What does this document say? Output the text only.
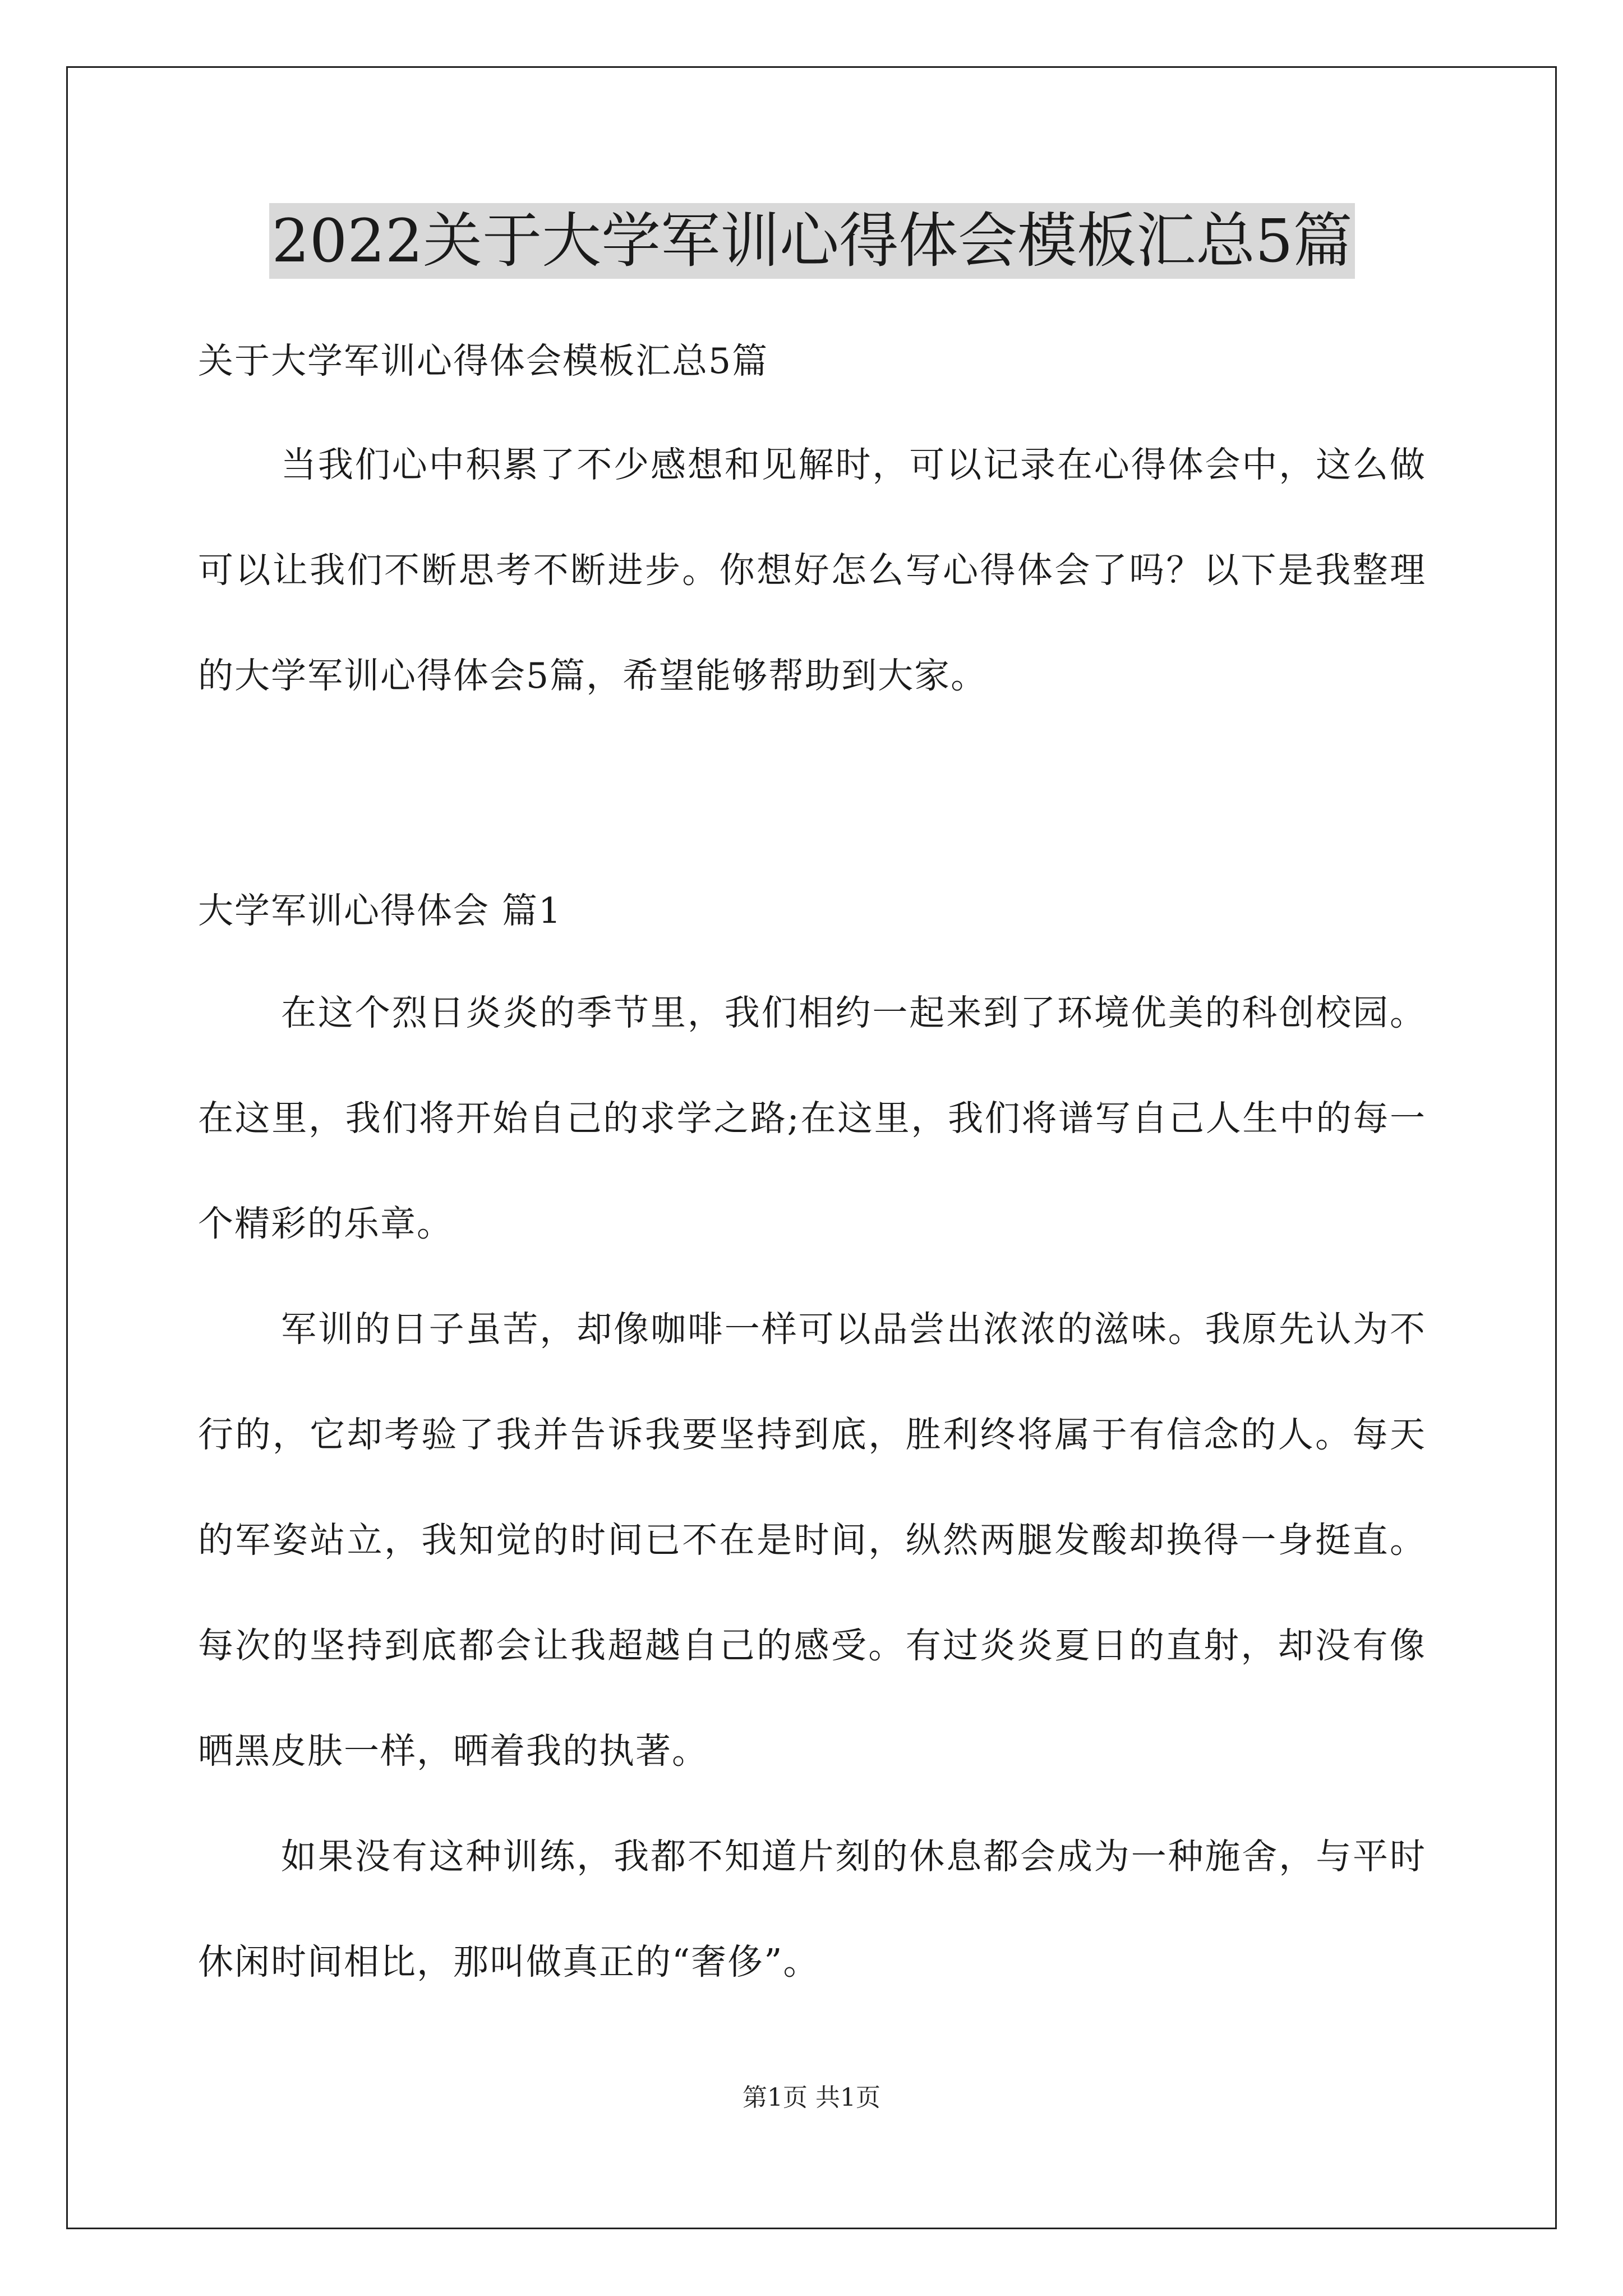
2022关于大学军训心得体会模板汇总5篇

关于大学军训心得体会模板汇总5篇

当我们心中积累了不少感想和见解时，可以记录在心得体会中，这么做可以让我们不断思考不断进步。你想好怎么写心得体会了吗？以下是我整理的大学军训心得体会5篇，希望能够帮助到大家。

大学军训心得体会 篇1

在这个烈日炎炎的季节里，我们相约一起来到了环境优美的科创校园。在这里，我们将开始自己的求学之路;在这里，我们将谱写自己人生中的每一个精彩的乐章。

军训的日子虽苦，却像咖啡一样可以品尝出浓浓的滋味。我原先认为不行的，它却考验了我并告诉我要坚持到底，胜利终将属于有信念的人。每天的军姿站立，我知觉的时间已不在是时间，纵然两腿发酸却换得一身挺直。每次的坚持到底都会让我超越自己的感受。有过炎炎夏日的直射，却没有像晒黑皮肤一样，晒着我的执著。

如果没有这种训练，我都不知道片刻的休息都会成为一种施舍，与平时休闲时间相比，那叫做真正的“奢侈”。

第1页 共1页
